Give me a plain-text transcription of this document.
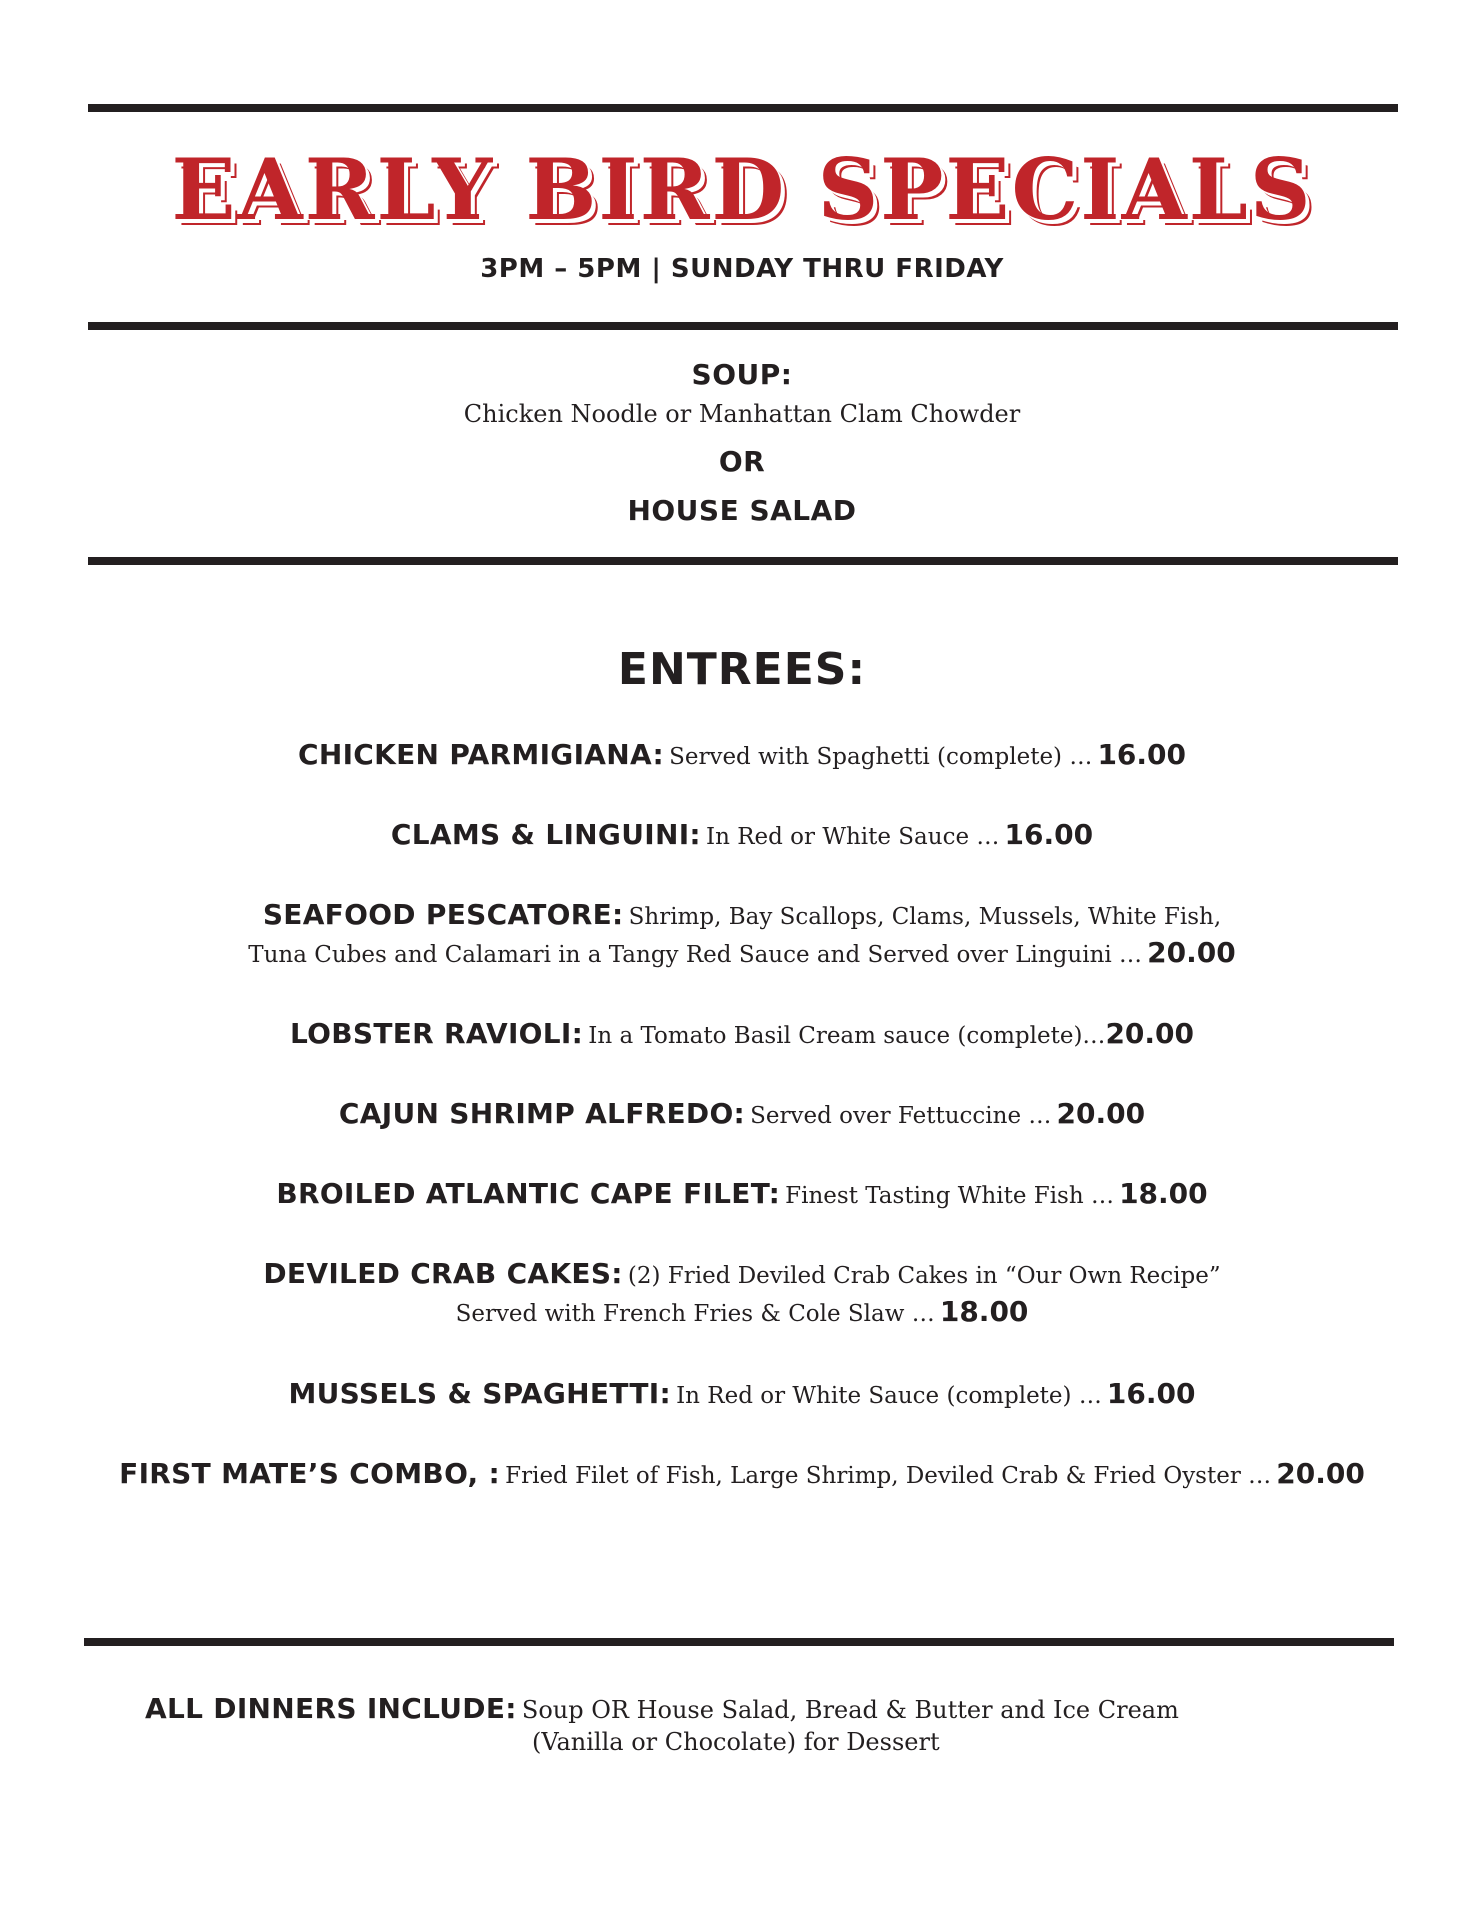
EARLY BIRD SPECIALS
3PM – 5PM | SUNDAY THRU FRIDAY
SOUP:
Chicken Noodle or Manhattan Clam Chowder
OR
HOUSE SALAD
ENTREES:
CHICKEN PARMIGIANA: Served with Spaghetti (complete) … 16.00
CLAMS & LINGUINI: In Red or White Sauce … 16.00
SEAFOOD PESCATORE: Shrimp, Bay Scallops, Clams, Mussels, White Fish,
Tuna Cubes and Calamari in a Tangy Red Sauce and Served over Linguini … 20.00
LOBSTER RAVIOLI: In a Tomato Basil Cream sauce (complete)…20.00
CAJUN SHRIMP ALFREDO: Served over Fettuccine … 20.00
BROILED ATLANTIC CAPE FILET: Finest Tasting White Fish … 18.00
DEVILED CRAB CAKES: (2) Fried Deviled Crab Cakes in “Our Own Recipe”
Served with French Fries & Cole Slaw … 18.00
MUSSELS & SPAGHETTI: In Red or White Sauce (complete) … 16.00
FIRST MATE’S COMBO, : Fried Filet of Fish, Large Shrimp, Deviled Crab & Fried Oyster … 20.00
ALL DINNERS INCLUDE: Soup OR House Salad, Bread & Butter and Ice Cream
(Vanilla or Chocolate) for Dessert
